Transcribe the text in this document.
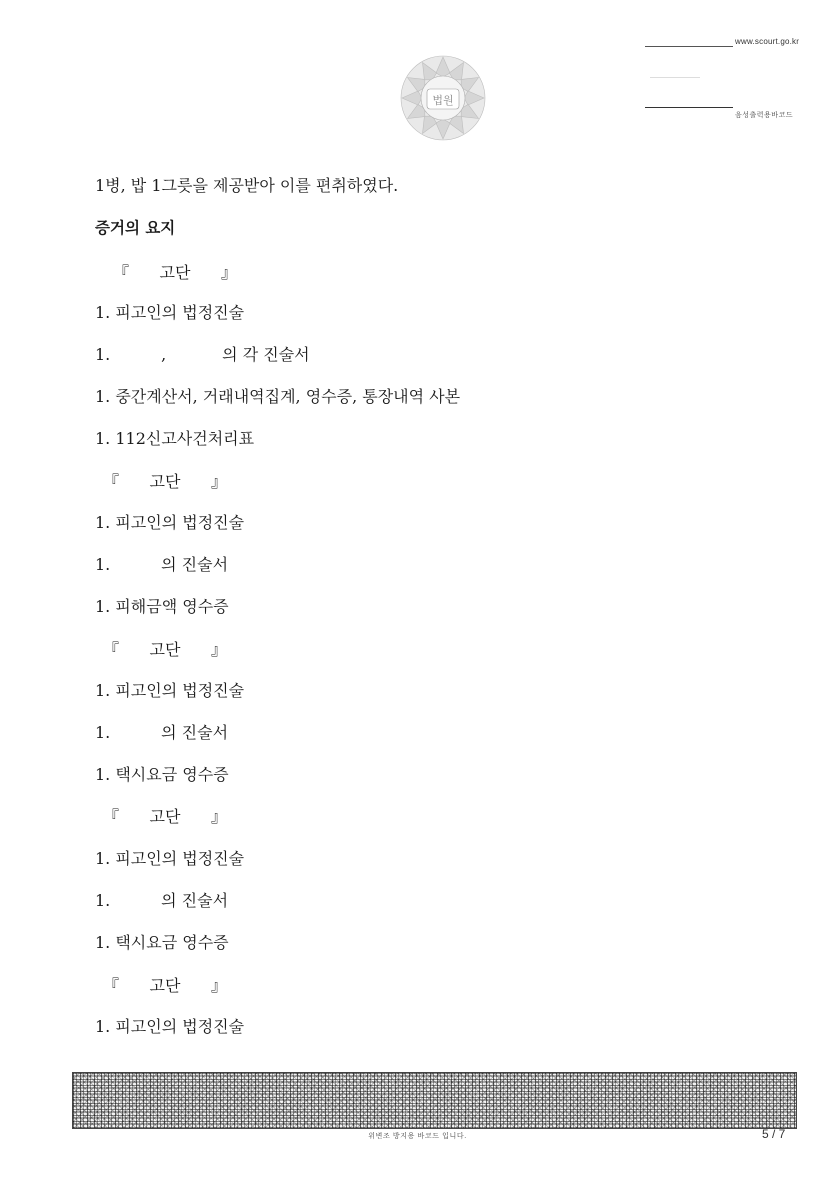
법원
www.scourt.go.kr
음성출력용바코드
1병, 밥 1그릇을 제공받아 이를 편취하였다.
증거의 요지
『      고단      』
1. 피고인의 법정진술
1.          ,           의 각 진술서
1. 중간계산서, 거래내역집계, 영수증, 통장내역 사본
1. 112신고사건처리표
『      고단      』
1. 피고인의 법정진술
1.          의 진술서
1. 피해금액 영수증
『      고단      』
1. 피고인의 법정진술
1.          의 진술서
1. 택시요금 영수증
『      고단      』
1. 피고인의 법정진술
1.          의 진술서
1. 택시요금 영수증
『      고단      』
1. 피고인의 법정진술
위변조 방지용 바코드 입니다.	5 / 7
